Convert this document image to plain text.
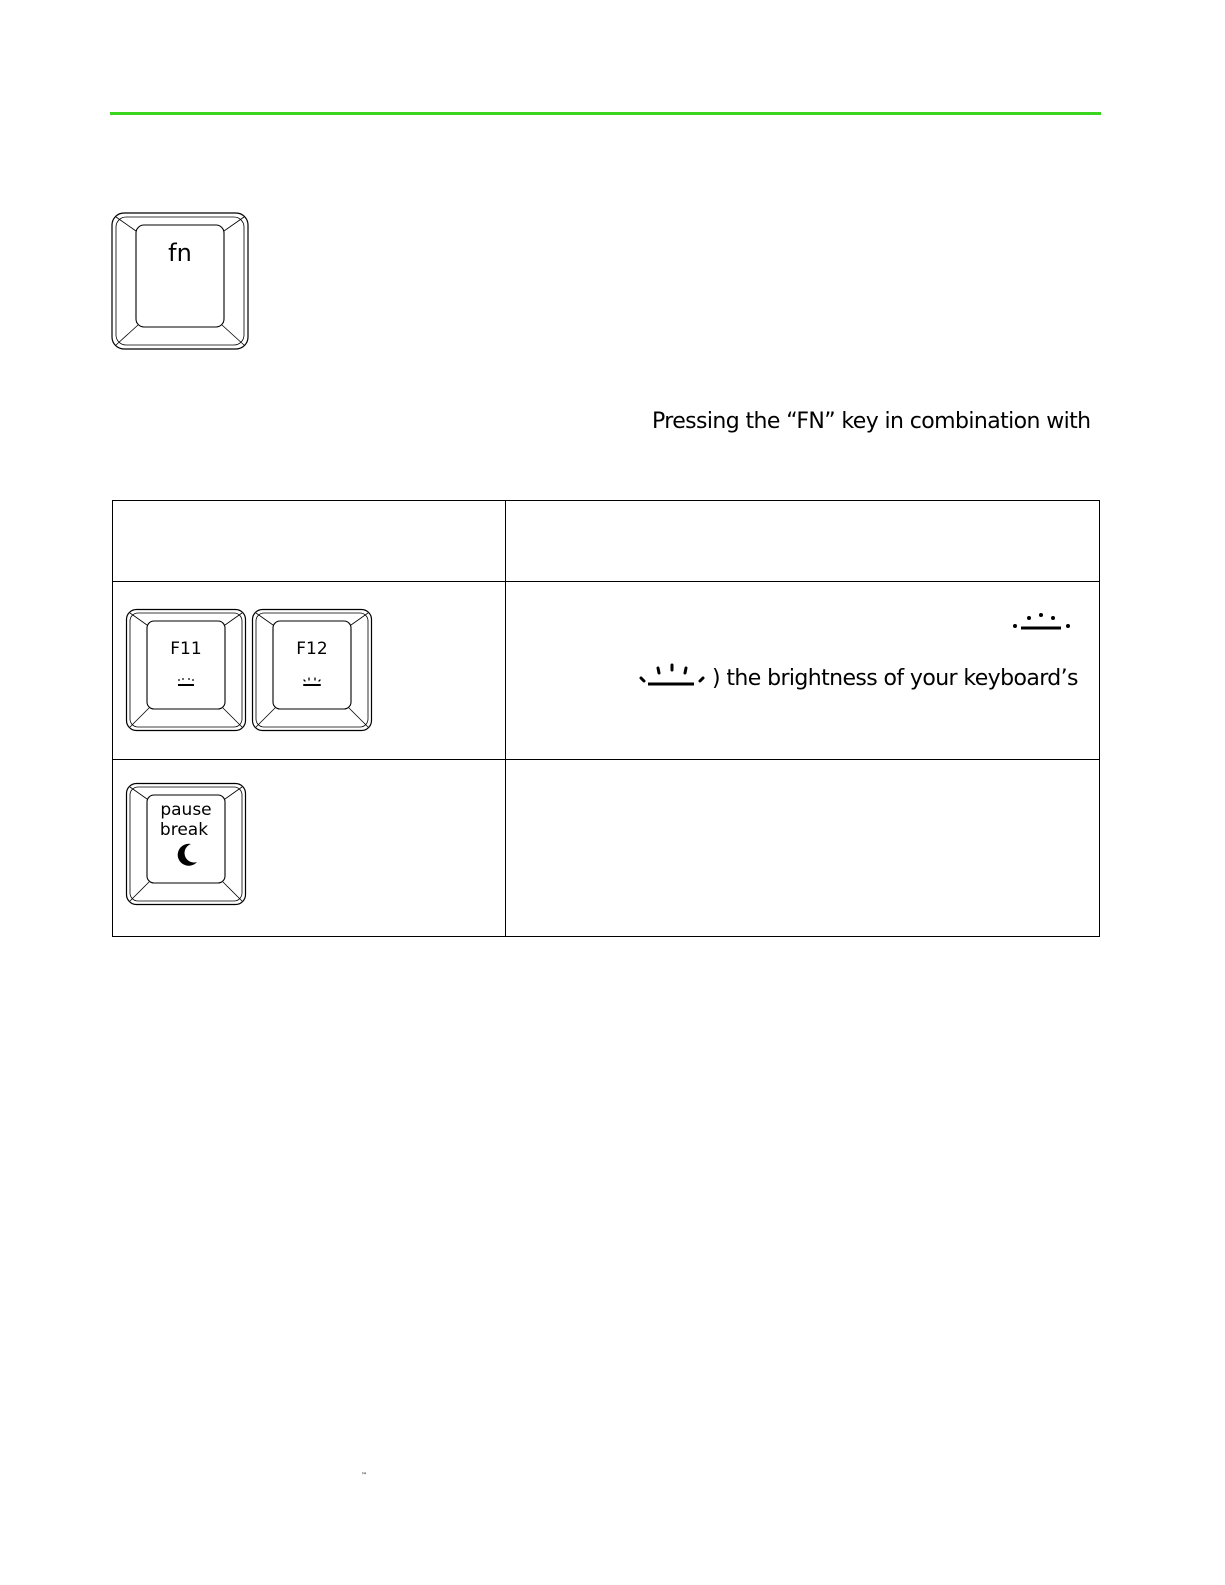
fn
Pressing the “FN” key in combination with

F11 F12	) the brightness of your keyboard’s

pause
break	

™
